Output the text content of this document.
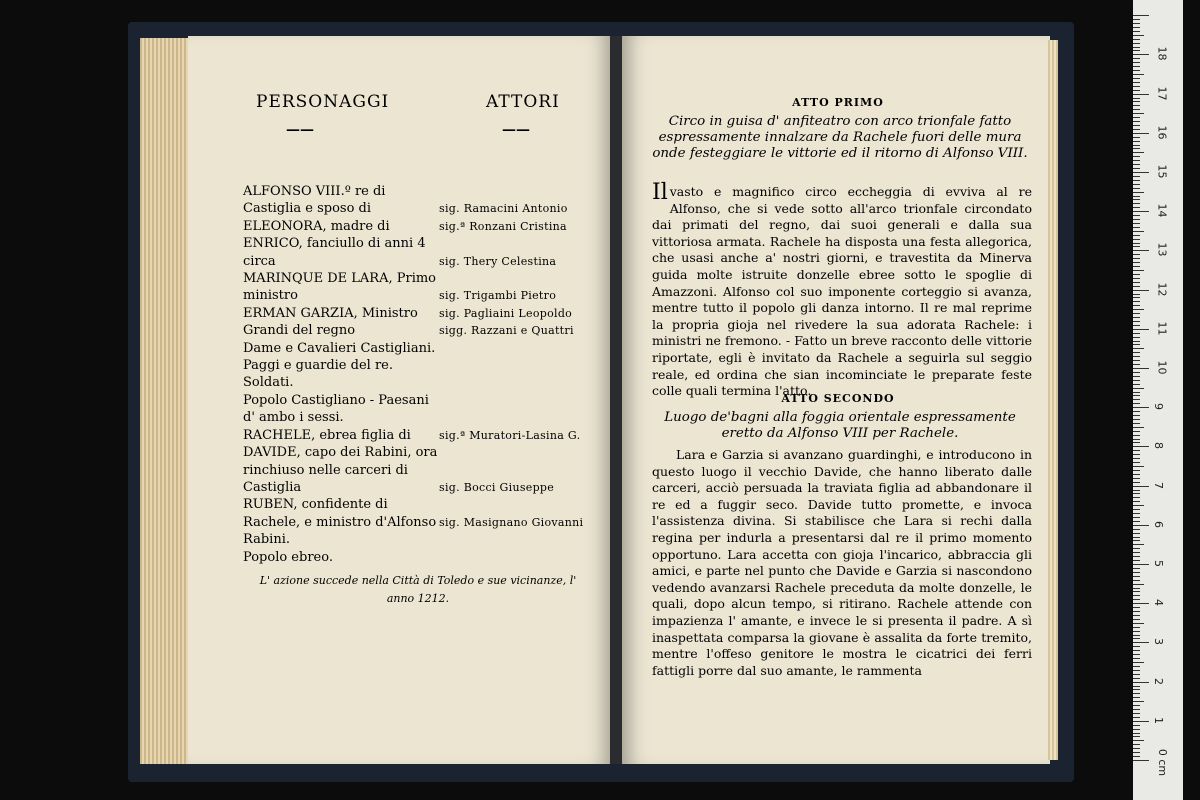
PERSONAGGI	ATTORI
——	——
ALFONSO VIII.º re di Castiglia e sposo di	sig. Ramacini Antonio
ELEONORA, madre di	sig.ª Ronzani Cristina
ENRICO, fanciullo di anni 4 circa	sig. Thery Celestina
MARINQUE DE LARA, Primo ministro	sig. Trigambi Pietro
ERMAN GARZIA, Ministro	sig. Pagliaini Leopoldo
Grandi del regno	sigg. Razzani e Quattri
Dame e Cavalieri Castigliani.
Paggi e guardie del re.
Soldati.
Popolo Castigliano - Paesani d' ambo i sessi.
RACHELE, ebrea figlia di	sig.ª Muratori-Lasina G.
DAVIDE, capo dei Rabini, ora rinchiuso nelle carceri di Castiglia	sig. Bocci Giuseppe
RUBEN, confidente di Rachele, e ministro d'Alfonso sig. Masignano Giovanni
Rabini.
Popolo ebreo.
L' azione succede nella Città di Toledo e sue vicinanze, l' anno 1212.
ATTO PRIMO
Circo in guisa d' anfiteatro con arco trionfale fatto espressamente innalzare da Rachele fuori delle mura onde festeggiare le vittorie ed il ritorno di Alfonso VIII.

Il vasto e magnifico circo eccheggia di evviva al re Alfonso, che si vede sotto all'arco trionfale circondato dai primati del regno, dai suoi generali e dalla sua vittoriosa armata. Rachele ha disposta una festa allegorica, che usasi anche a' nostri giorni, e travestita da Minerva guida molte istruite donzelle ebree sotto le spoglie di Amazzoni. Alfonso col suo imponente corteggio si avanza, mentre tutto il popolo gli danza intorno. Il re mal reprime la propria gioja nel rivedere la sua adorata Rachele: i ministri ne fremono. - Fatto un breve racconto delle vittorie riportate, egli è invitato da Rachele a seguirla sul seggio reale, ed ordina che sian incominciate le preparate feste colle quali termina l'atto.

ATTO SECONDO
Luogo de'bagni alla foggia orientale espressamente eretto da Alfonso VIII per Rachele.

Lara e Garzia si avanzano guardinghi, e introducono in questo luogo il vecchio Davide, che hanno liberato dalle carceri, acciò persuada la traviata figlia ad abbandonare il re ed a fuggir seco. Davide tutto promette, e invoca l'assistenza divina. Si stabilisce che Lara si rechi dalla regina per indurla a presentarsi dal re il primo momento opportuno. Lara accetta con gioja l'incarico, abbraccia gli amici, e parte nel punto che Davide e Garzia si nascondono vedendo avanzarsi Rachele preceduta da molte donzelle, le quali, dopo alcun tempo, si ritirano. Rachele attende con impazienza l' amante, e invece le si presenta il padre. A sì inaspettata comparsa la giovane è assalita da forte tremito, mentre l'offeso genitore le mostra le cicatrici dei ferri fattigli porre dal suo amante, le rammenta

0 cm
1
2
3
4
5
6
7
8
9
10
11
12
13
14
15
16
17
18
